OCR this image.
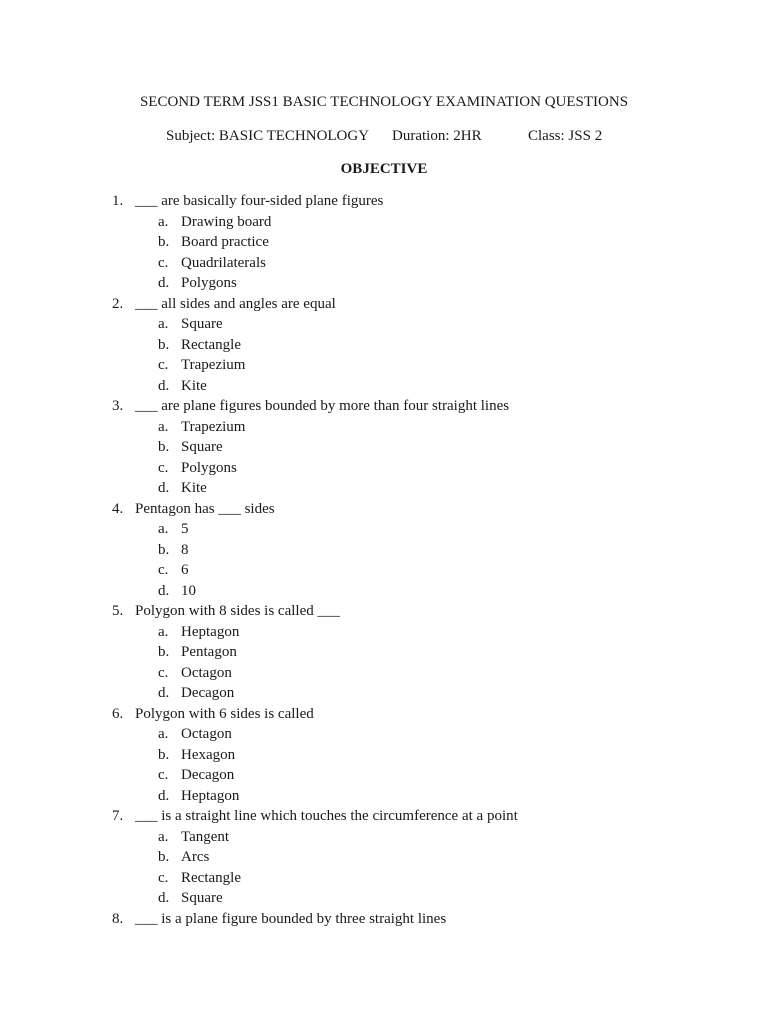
SECOND TERM JSS1 BASIC TECHNOLOGY EXAMINATION QUESTIONS
Subject: BASIC TECHNOLOGY Duration: 2HR	Class: JSS 2
OBJECTIVE
1. ___ are basically four-sided plane figures
a. Drawing board
b. Board practice
c. Quadrilaterals
d. Polygons
2. ___ all sides and angles are equal
a. Square
b. Rectangle
c. Trapezium
d. Kite
3. ___ are plane figures bounded by more than four straight lines
a. Trapezium
b. Square
c. Polygons
d. Kite
4. Pentagon has ___ sides
a. 5
b. 8
c. 6
d. 10
5. Polygon with 8 sides is called ___
a. Heptagon
b. Pentagon
c. Octagon
d. Decagon
6. Polygon with 6 sides is called
a. Octagon
b. Hexagon
c. Decagon
d. Heptagon
7. ___ is a straight line which touches the circumference at a point
a. Tangent
b. Arcs
c. Rectangle
d. Square
8. ___ is a plane figure bounded by three straight lines
